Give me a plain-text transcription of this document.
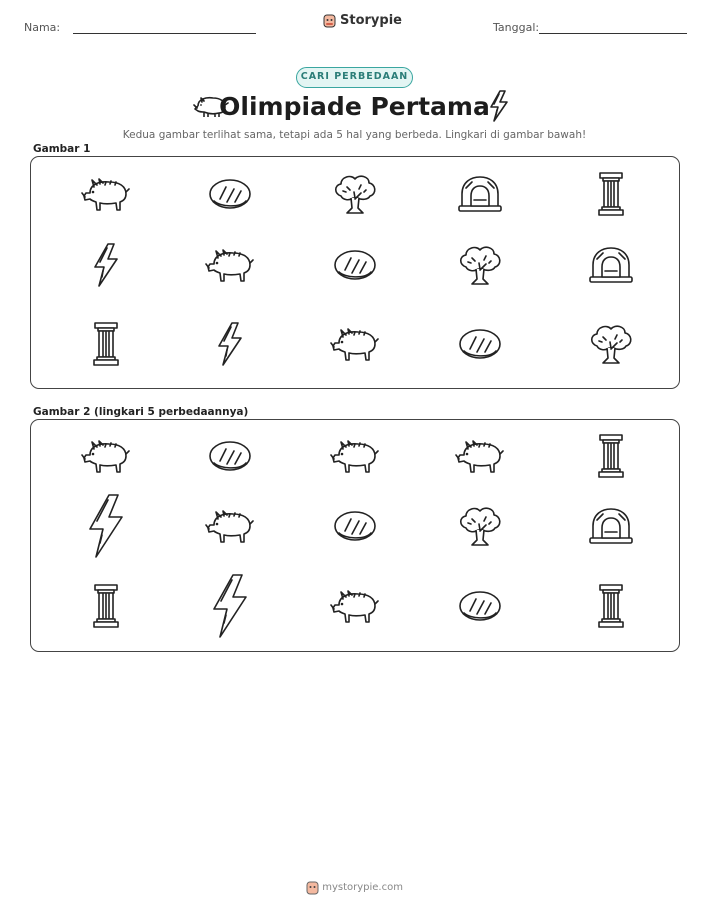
Nama:	Storypie	Tanggal:
CARI PERBEDAAN
Olimpiade Pertama
Kedua gambar terlihat sama, tetapi ada 5 hal yang berbeda. Lingkari di gambar bawah!
Gambar 1
Gambar 2 (lingkari 5 perbedaannya)
mystorypie.com
